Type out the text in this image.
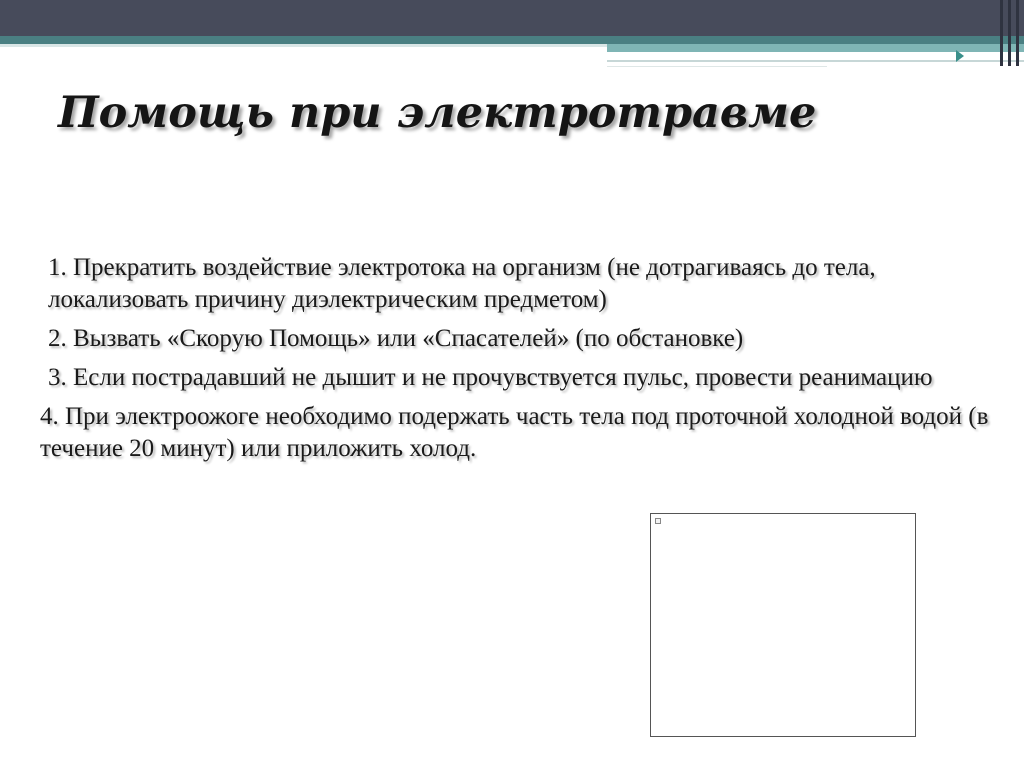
Помощь при электротравме

1. Прекратить воздействие электротока на организм (не дотрагиваясь до тела, локализовать причину диэлектрическим предметом)

2. Вызвать «Скорую Помощь» или «Спасателей» (по обстановке)

3. Если пострадавший не дышит и не прочувствуется пульс, провести реанимацию

4. При электроожоге необходимо подержать часть тела под проточной холодной водой (в течение 20 минут) или приложить холод.
